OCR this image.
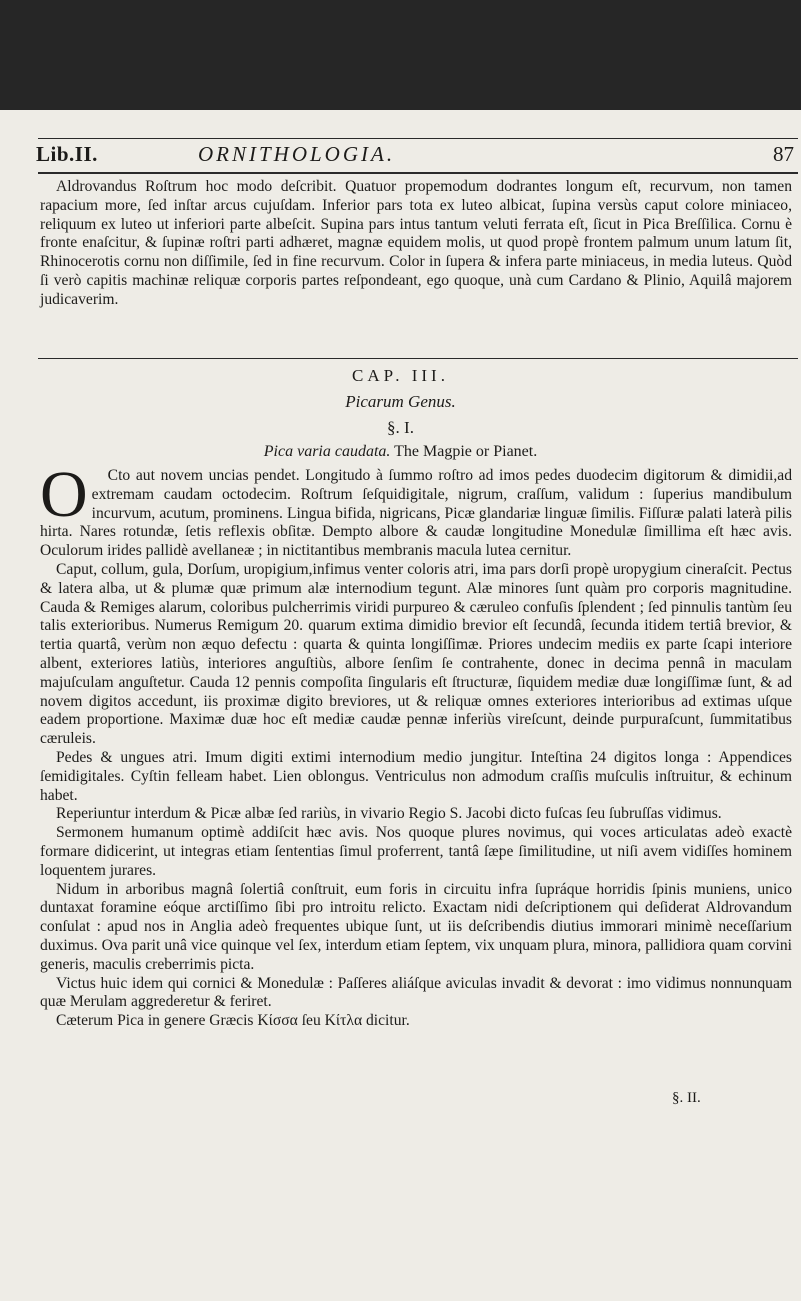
Lib.II.	ORNITHOLOGIA.	87
Aldrovandus Roſtrum hoc modo deſcribit. Quatuor propemodum dodrantes longum eſt, recurvum, non tamen rapacium more, ſed inſtar arcus cujuſdam. Inferior pars tota ex luteo albicat, ſupina versùs caput colore miniaceo, reliquum ex luteo ut inferiori parte albeſcit. Supina pars intus tantum veluti ferrata eſt, ſicut in Pica Breſſilica. Cornu è fronte enaſcitur, & ſupinæ roſtri parti adhæret, magnæ equidem molis, ut quod propè frontem palmum unum latum ſit, Rhinocerotis cornu non diſſimile, ſed in fine recurvum. Color in ſupera & infera parte miniaceus, in media luteus. Quòd ſi verò capitis machinæ reliquæ corporis partes reſpondeant, ego quoque, unà cum Cardano & Plinio, Aquilâ majorem judicaverim.
CAP. III.
Picarum Genus.
§. I.
Pica varia caudata. The Magpie or Pianet.

O Cto aut novem uncias pendet. Longitudo à ſummo roſtro ad imos pedes duodecim digitorum & dimidii,ad extremam caudam octodecim. Roſtrum ſeſquidigitale, nigrum, craſſum, validum : ſuperius mandibulum incurvum, acutum, prominens. Lingua bifida, nigricans, Picæ glandariæ linguæ ſimilis. Fiſſuræ palati laterà pilis hirta. Nares rotundæ, ſetis reflexis obſitæ. Dempto albore & caudæ longitudine Monedulæ ſimillima eſt hæc avis. Oculorum irides pallidè avellaneæ ; in nictitantibus membranis macula lutea cernitur.

Caput, collum, gula, Dorſum, uropigium,infimus venter coloris atri, ima pars dorſi propè uropygium cineraſcit. Pectus & latera alba, ut & plumæ quæ primum alæ internodium tegunt. Alæ minores ſunt quàm pro corporis magnitudine. Cauda & Remiges alarum, coloribus pulcherrimis viridi purpureo & cæruleo confuſis ſplendent ; ſed pinnulis tantùm ſeu talis exterioribus. Numerus Remigum 20. quarum extima dimidio brevior eſt ſecundâ, ſecunda itidem tertiâ brevior, & tertia quartâ, verùm non æquo defectu : quarta & quinta longiſſimæ. Priores undecim mediis ex parte ſcapi interiore albent, exteriores latiùs, interiores anguſtiùs, albore ſenſim ſe contrahente, donec in decima pennâ in maculam majuſculam anguſtetur. Cauda 12 pennis compoſita ſingularis eſt ſtructuræ, ſiquidem mediæ duæ longiſſimæ ſunt, & ad novem digitos accedunt, iis proximæ digito breviores, ut & reliquæ omnes exteriores interioribus ad extimas uſque eadem proportione. Maximæ duæ hoc eſt mediæ caudæ pennæ inferiùs vireſcunt, deinde purpuraſcunt, ſummitatibus cæruleis.

Pedes & ungues atri. Imum digiti extimi internodium medio jungitur. Inteſtina 24 digitos longa : Appendices ſemidigitales. Cyſtin felleam habet. Lien oblongus. Ventriculus non admodum craſſis muſculis inſtruitur, & echinum habet.

Reperiuntur interdum & Picæ albæ ſed rariùs, in vivario Regio S. Jacobi dicto fuſcas ſeu ſubruſſas vidimus.

Sermonem humanum optimè addiſcit hæc avis. Nos quoque plures novimus, qui voces articulatas adeò exactè formare didicerint, ut integras etiam ſententias ſimul proferrent, tantâ ſæpe ſimilitudine, ut niſi avem vidiſſes hominem loquentem jurares.

Nidum in arboribus magnâ ſolertiâ conſtruit, eum foris in circuitu infra ſupráque horridis ſpinis muniens, unico duntaxat foramine eóque arctiſſimo ſibi pro introitu relicto. Exactam nidi deſcriptionem qui deſiderat Aldrovandum conſulat : apud nos in Anglia adeò frequentes ubique ſunt, ut iis deſcribendis diutius immorari minimè neceſſarium duximus. Ova parit unâ vice quinque vel ſex, interdum etiam ſeptem, vix unquam plura, minora, pallidiora quam corvini generis, maculis creberrimis picta.

Victus huic idem qui cornici & Monedulæ : Paſſeres aliáſque aviculas invadit & devorat : imo vidimus nonnunquam quæ Merulam aggrederetur & feriret.

Cæterum Pica in genere Græcis Κίσσα ſeu Κίτλα dicitur.

§. II.
